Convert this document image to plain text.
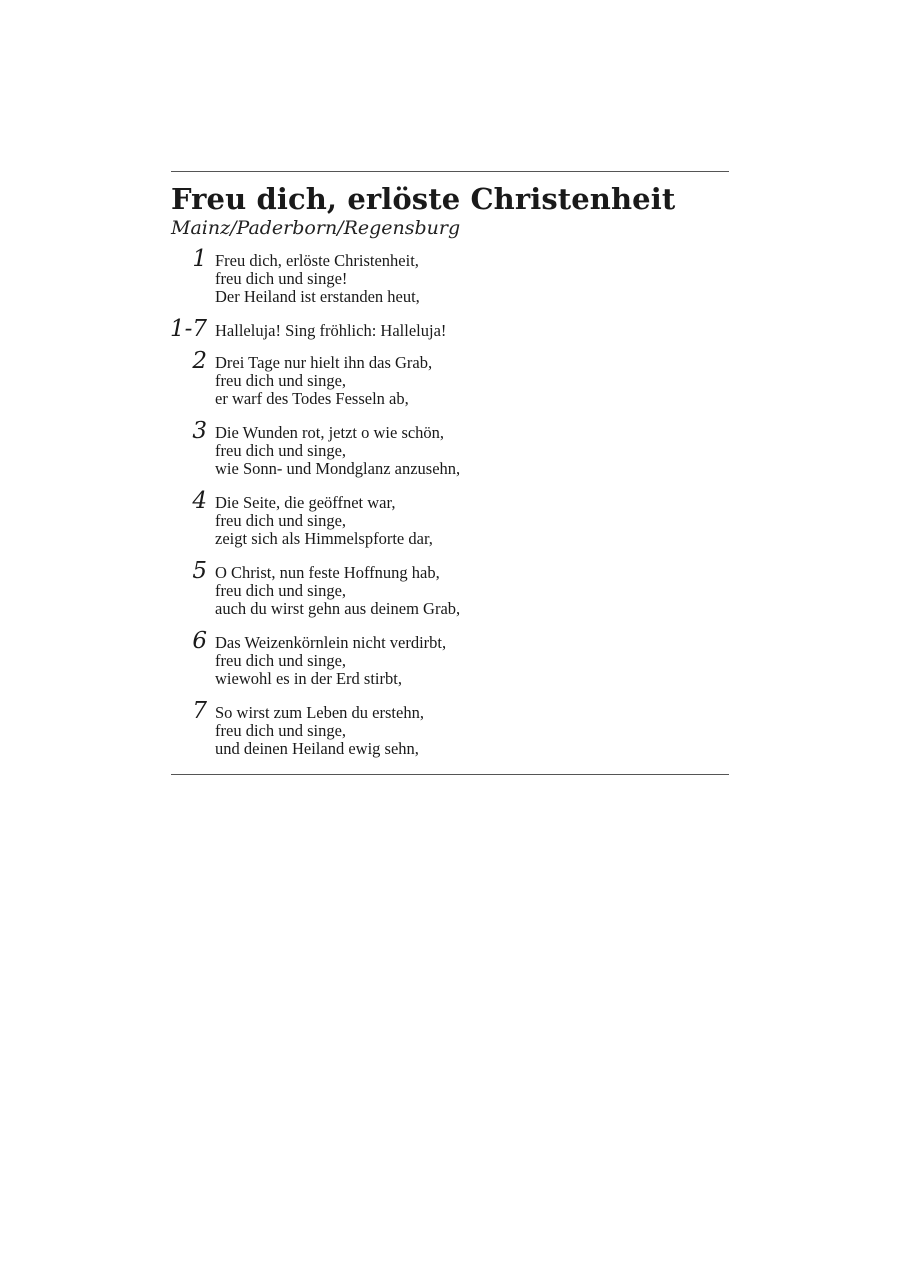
Freu dich, erlöste Christenheit
Mainz/Paderborn/Regensburg
1 Freu dich, erlöste Christenheit,
freu dich und singe!
Der Heiland ist erstanden heut,
1-7 Halleluja! Sing fröhlich: Halleluja!
2 Drei Tage nur hielt ihn das Grab,
freu dich und singe,
er warf des Todes Fesseln ab,
3 Die Wunden rot, jetzt o wie schön,
freu dich und singe,
wie Sonn- und Mondglanz anzusehn,
4 Die Seite, die geöffnet war,
freu dich und singe,
zeigt sich als Himmelspforte dar,
5 O Christ, nun feste Hoffnung hab,
freu dich und singe,
auch du wirst gehn aus deinem Grab,
6 Das Weizenkörnlein nicht verdirbt,
freu dich und singe,
wiewohl es in der Erd stirbt,
7 So wirst zum Leben du erstehn,
freu dich und singe,
und deinen Heiland ewig sehn,
